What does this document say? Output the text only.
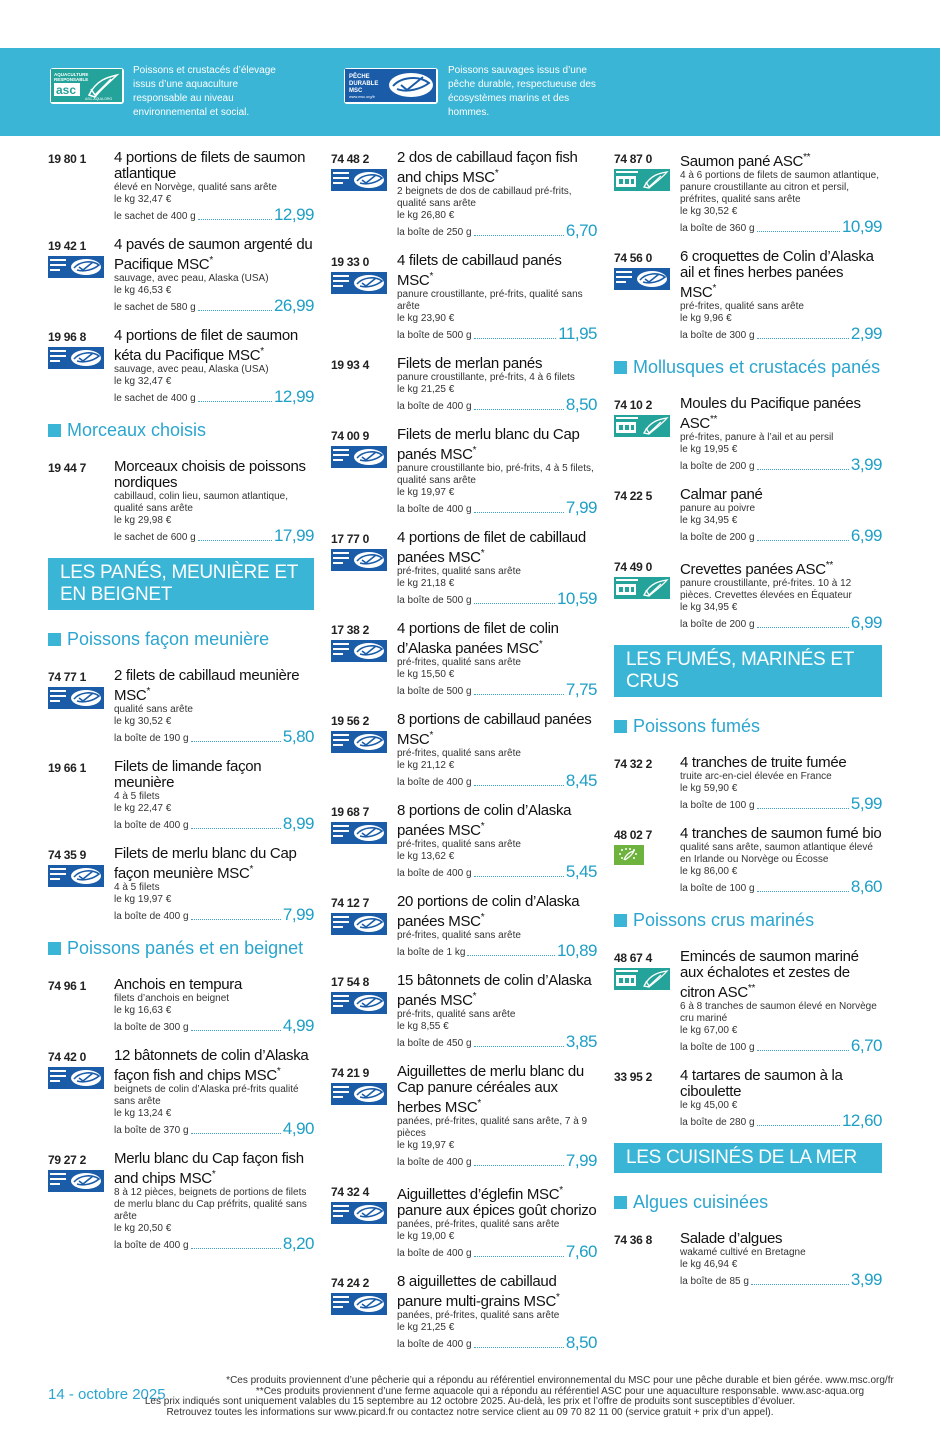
AQUACULTURE
RESPONSABLE
asc
ASC-AQUA.ORG
Poissons et crustacés d’élevage issus d’une aquaculture responsable au niveau environnemental et social.
PÊCHE
DURABLE
MSC
www.msc.org/fr
Poissons sauvages issus d’une pêche durable, respectueuse des écosystèmes marins et des hommes.
19 80 1 4 portions de filets de saumon atlantique
élevé en Norvège, qualité sans arête
le kg 32,47 €
le sachet de 400 g	12,99
19 42 1 4 pavés de saumon argenté du Pacifique MSC*
sauvage, avec peau, Alaska (USA)
le kg 46,53 €
le sachet de 580 g	26,99
19 96 8 4 portions de filet de saumon kéta du Pacifique MSC*
sauvage, avec peau, Alaska (USA)
le kg 32,47 €
le sachet de 400 g	12,99
Morceaux choisis
19 44 7 Morceaux choisis de poissons nordiques
cabillaud, colin lieu, saumon atlantique, qualité sans arête
le kg 29,98 €
le sachet de 600 g	17,99
LES PANÉS, MEUNIÈRE ET EN BEIGNET
Poissons façon meunière
74 77 1 2 filets de cabillaud meunière MSC*
qualité sans arête
le kg 30,52 €
la boîte de 190 g	5,80
19 66 1 Filets de limande façon meunière
4 à 5 filets
le kg 22,47 €
la boîte de 400 g	8,99
74 35 9 Filets de merlu blanc du Cap façon meunière MSC*
4 à 5 filets
le kg 19,97 €
la boîte de 400 g	7,99
Poissons panés et en beignet
74 96 1 Anchois en tempura
filets d’anchois en beignet
le kg 16,63 €
la boîte de 300 g	4,99
74 42 0 12 bâtonnets de colin d’Alaska façon fish and chips MSC*
beignets de colin d’Alaska pré-frits qualité sans arête
le kg 13,24 €
la boîte de 370 g	4,90
79 27 2 Merlu blanc du Cap façon fish and chips MSC*
8 à 12 pièces, beignets de portions de filets de merlu blanc du Cap préfrits, qualité sans arête
le kg 20,50 €
la boîte de 400 g	8,20
74 48 2 2 dos de cabillaud façon fish and chips MSC*
2 beignets de dos de cabillaud pré-frits, qualité sans arête
le kg 26,80 €
la boîte de 250 g	6,70
19 33 0 4 filets de cabillaud panés MSC*
panure croustillante, pré-frits, qualité sans arête
le kg 23,90 €
la boîte de 500 g	11,95
19 93 4 Filets de merlan panés
panure croustillante, pré-frits, 4 à 6 filets
le kg 21,25 €
la boîte de 400 g	8,50
74 00 9 Filets de merlu blanc du Cap panés MSC*
panure croustillante bio, pré-frits, 4 à 5 filets, qualité sans arête
le kg 19,97 €
la boîte de 400 g	7,99
17 77 0 4 portions de filet de cabillaud panées MSC*
pré-frites, qualité sans arête
le kg 21,18 €
la boîte de 500 g	10,59
17 38 2 4 portions de filet de colin d’Alaska panées MSC*
pré-frites, qualité sans arête
le kg 15,50 €
la boîte de 500 g	7,75
19 56 2 8 portions de cabillaud panées MSC*
pré-frites, qualité sans arête
le kg 21,12 €
la boîte de 400 g	8,45
19 68 7 8 portions de colin d’Alaska panées MSC*
pré-frites, qualité sans arête
le kg 13,62 €
la boîte de 400 g	5,45
74 12 7 20 portions de colin d’Alaska panées MSC*
pré-frites, qualité sans arête
la boîte de 1 kg	10,89
17 54 8 15 bâtonnets de colin d’Alaska panés MSC*
pré-frits, qualité sans arête
le kg 8,55 €
la boîte de 450 g	3,85
74 21 9 Aiguillettes de merlu blanc du Cap panure céréales aux herbes MSC*
panées, pré-frites, qualité sans arête, 7 à 9 pièces
le kg 19,97 €
la boîte de 400 g	7,99
74 32 4 Aiguillettes d’églefin MSC* panure aux épices goût chorizo
panées, pré-frites, qualité sans arête
le kg 19,00 €
la boîte de 400 g	7,60
74 24 2 8 aiguillettes de cabillaud panure multi-grains MSC*
panées, pré-frites, qualité sans arête
le kg 21,25 €
la boîte de 400 g	8,50
74 87 0 Saumon pané ASC**
4 à 6 portions de filets de saumon atlantique, panure croustillante au citron et persil, préfrites, qualité sans arête
le kg 30,52 €
la boîte de 360 g	10,99
74 56 0 6 croquettes de Colin d’Alaska ail et fines herbes panées MSC*
pré-frites, qualité sans arête
le kg 9,96 €
la boîte de 300 g	2,99
Mollusques et crustacés panés
74 10 2 Moules du Pacifique panées ASC**
pré-frites, panure à l’ail et au persil
le kg 19,95 €
la boîte de 200 g	3,99
74 22 5 Calmar pané
panure au poivre
le kg 34,95 €
la boîte de 200 g	6,99
74 49 0 Crevettes panées ASC**
panure croustillante, pré-frites. 10 à 12 pièces. Crevettes élevées en Équateur
le kg 34,95 €
la boîte de 200 g	6,99
LES FUMÉS, MARINÉS ET CRUS
Poissons fumés
74 32 2 4 tranches de truite fumée
truite arc-en-ciel élevée en France
le kg 59,90 €
la boîte de 100 g	5,99
48 02 7 4 tranches de saumon fumé bio
qualité sans arête, saumon atlantique élevé en Irlande ou Norvège ou Écosse
le kg 86,00 €
la boîte de 100 g	8,60
Poissons crus marinés
48 67 4 Emincés de saumon mariné aux échalotes et zestes de citron ASC**
6 à 8 tranches de saumon élevé en Norvège cru mariné
le kg 67,00 €
la boîte de 100 g	6,70
33 95 2 4 tartares de saumon à la ciboulette
le kg 45,00 €
la boîte de 280 g	12,60
LES CUISINÉS DE LA MER
Algues cuisinées
74 36 8 Salade d’algues
wakamé cultivé en Bretagne
le kg 46,94 €
la boîte de 85 g	3,99
14 - octobre 2025
*Ces produits proviennent d’une pêcherie qui a répondu au référentiel environnemental du MSC pour une pêche durable et bien gérée. www.msc.org/fr
**Ces produits proviennent d’une ferme aquacole qui a répondu au référentiel ASC pour une aquaculture responsable. www.asc-aqua.org
Les prix indiqués sont uniquement valables du 15 septembre au 12 octobre 2025. Au-delà, les prix et l’offre de produits sont susceptibles d’évoluer.
Retrouvez toutes les informations sur www.picard.fr ou contactez notre service client au 09 70 82 11 00 (service gratuit + prix d’un appel).
